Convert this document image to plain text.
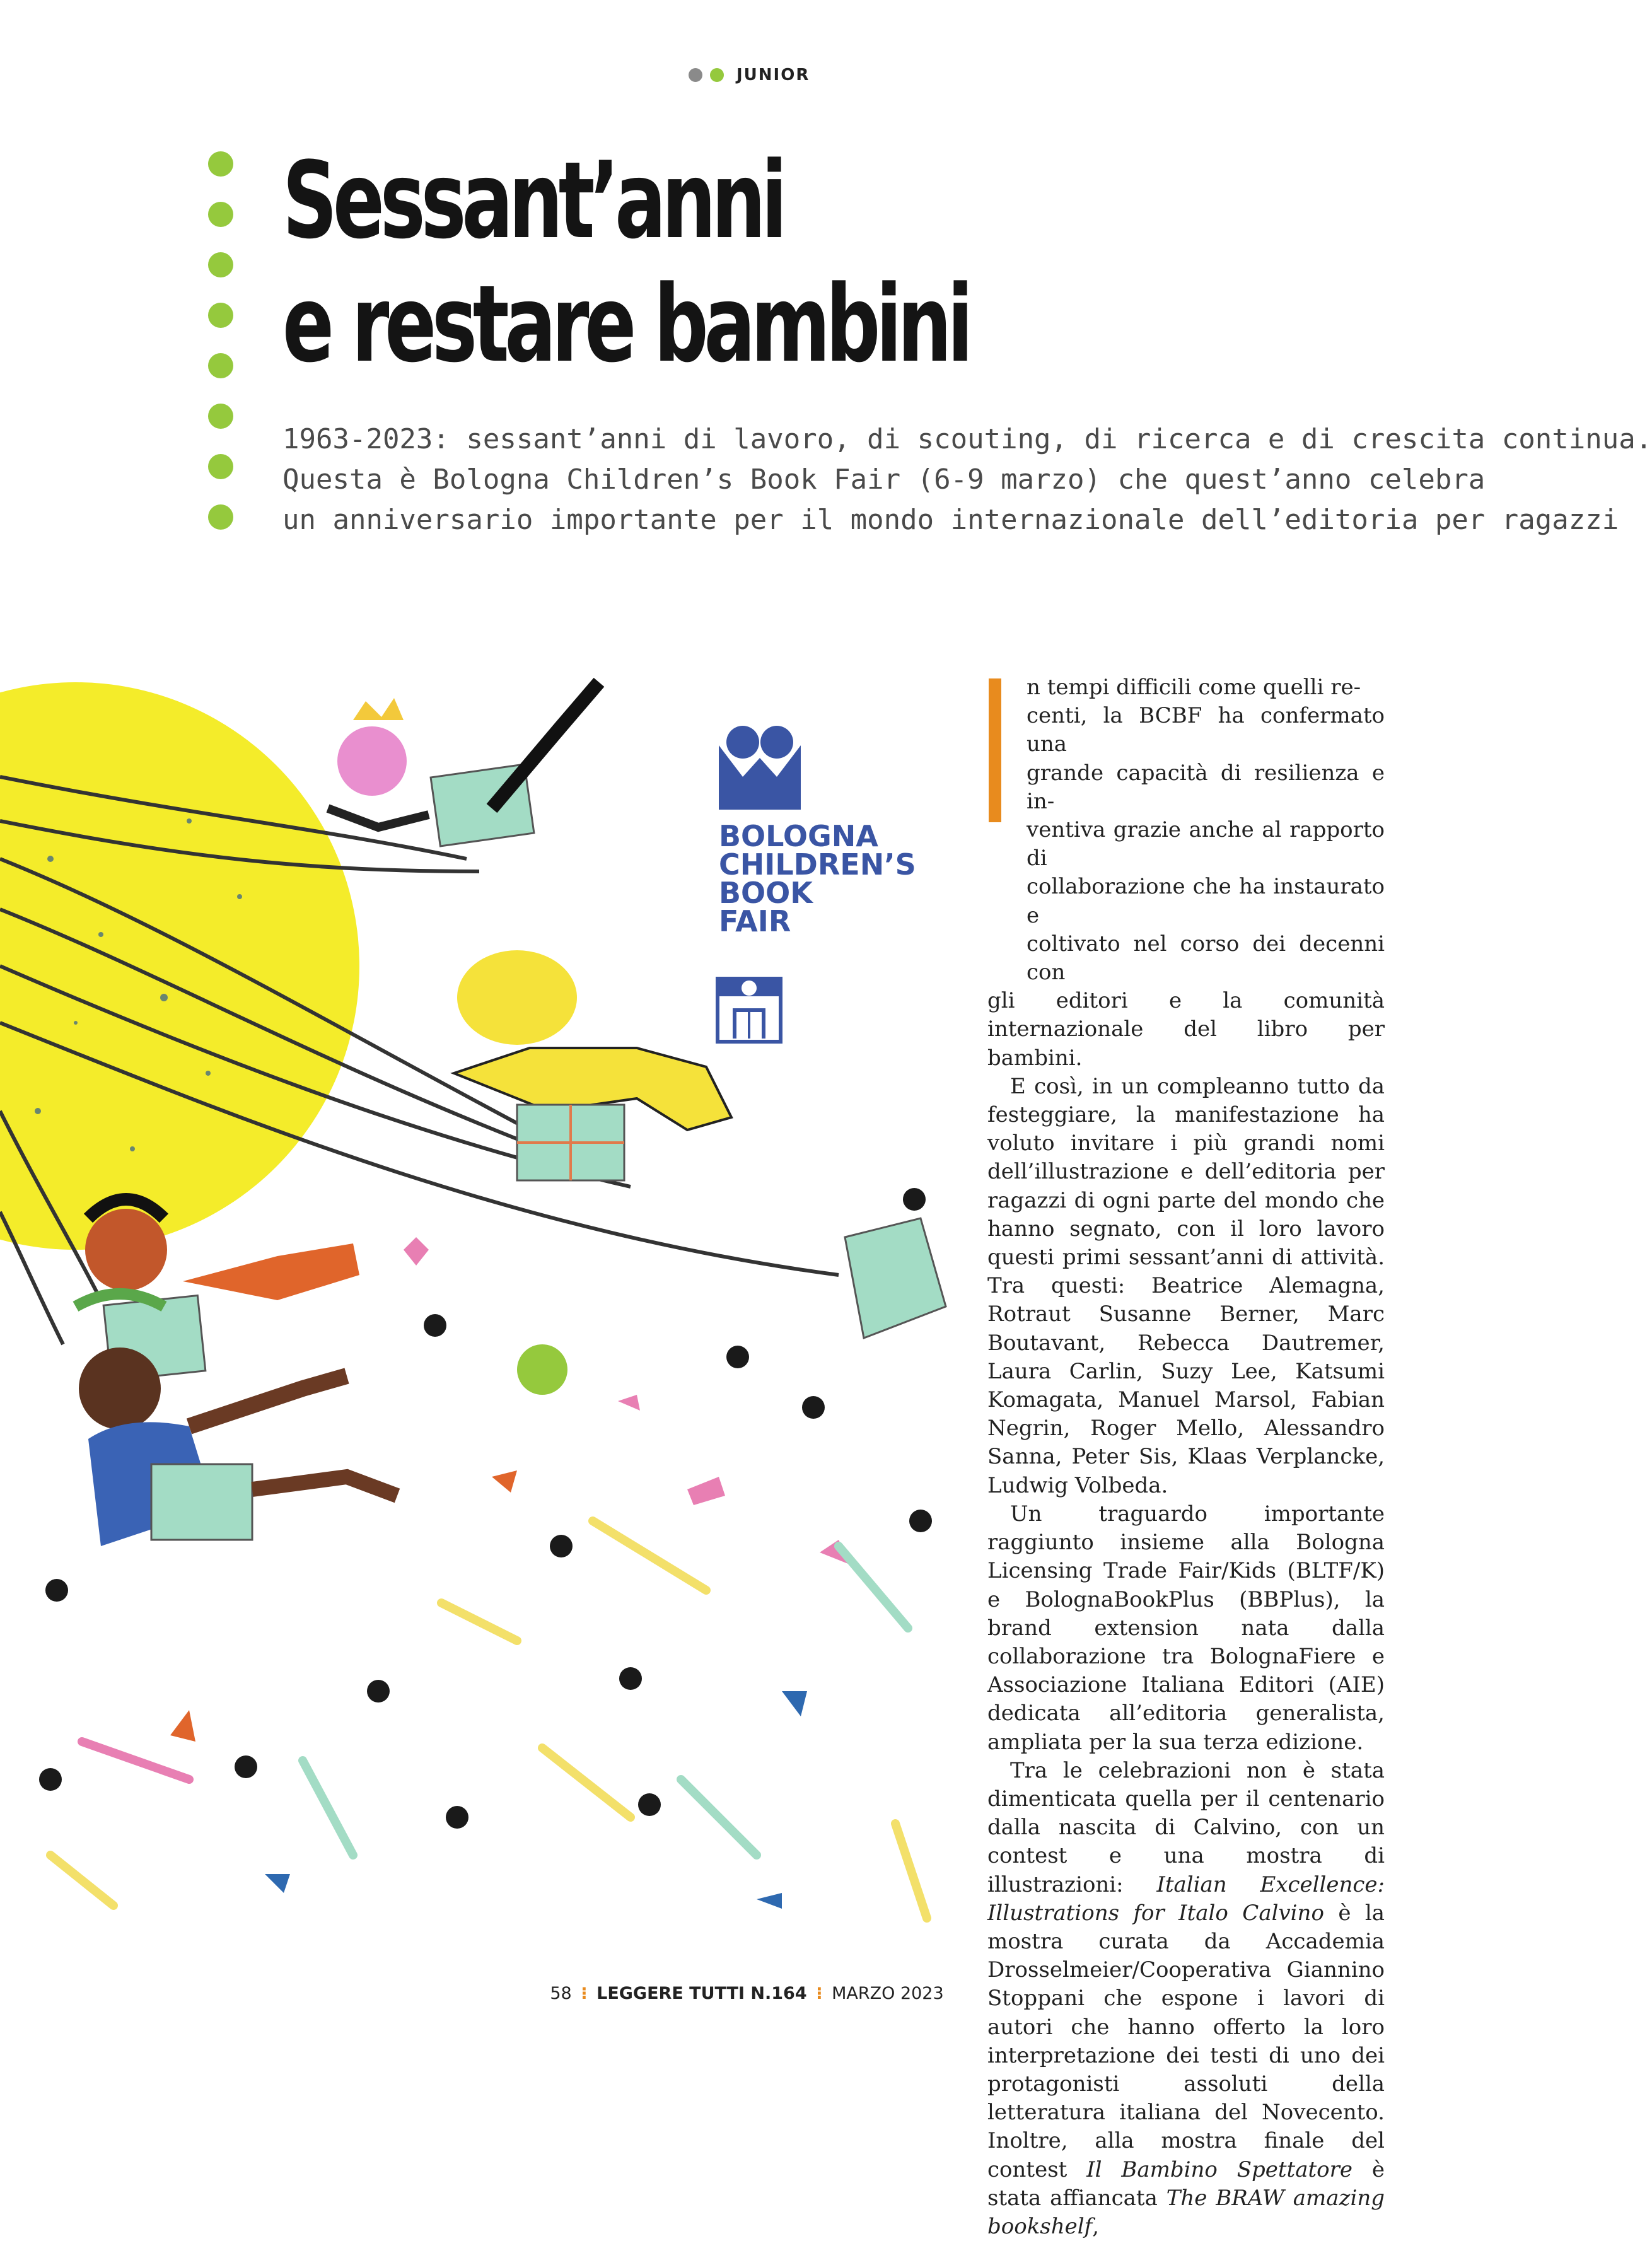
JUNIOR
Sessant’anni
e restare bambini
1963-2023: sessant’anni di lavoro, di scouting, di ricerca e di crescita continua.
Questa è Bologna Children’s Book Fair (6-9 marzo) che quest’anno celebra
un anniversario importante per il mondo internazionale dell’editoria per ragazzi
BOLOGNA
CHILDREN’S
BOOK
FAIR

n tempi difficili come quelli re-
centi, la BCBF ha confermato una
grande capacità di resilienza e in-
ventiva grazie anche al rapporto di
collaborazione che ha instaurato e
coltivato nel corso dei decenni con
gli editori e la comunità internazionale del libro per bambini.

E così, in un compleanno tutto da festeggiare, la manifestazione ha voluto invitare i più grandi nomi dell’illustrazione e dell’editoria per ragazzi di ogni parte del mondo che hanno segnato, con il loro lavoro questi primi sessant’anni di attività. Tra questi: Beatrice Alemagna, Rotraut Susanne Berner, Marc Boutavant, Rebecca Dautremer, Laura Carlin, Suzy Lee, Katsumi Komagata, Manuel Marsol, Fabian Negrin, Roger Mello, Alessandro Sanna, Peter Sis, Klaas Verplancke, Ludwig Volbeda.

Un traguardo importante raggiunto insieme alla Bologna Licensing Trade Fair/Kids (BLTF/K) e BolognaBookPlus (BBPlus), la brand extension nata dalla collaborazione tra BolognaFiere e Associazione Italiana Editori (AIE) dedicata all’editoria generalista, ampliata per la sua terza edizione.

Tra le celebrazioni non è stata dimenticata quella per il centenario dalla nascita di Calvino, con un contest e una mostra di illustrazioni: Italian Excellence: Illustrations for Italo Calvino è la mostra curata da Accademia Drosselmeier/Cooperativa Giannino Stoppani che espone i lavori di autori che hanno offerto la loro interpretazione dei testi di uno dei protagonisti assoluti della letteratura italiana del Novecento. Inoltre, alla mostra finale del contest Il Bambino Spettatore è stata affiancata The BRAW amazing bookshelf,

58 ⁝ LEGGERE TUTTI N.164 ⁝ MARZO 2023
